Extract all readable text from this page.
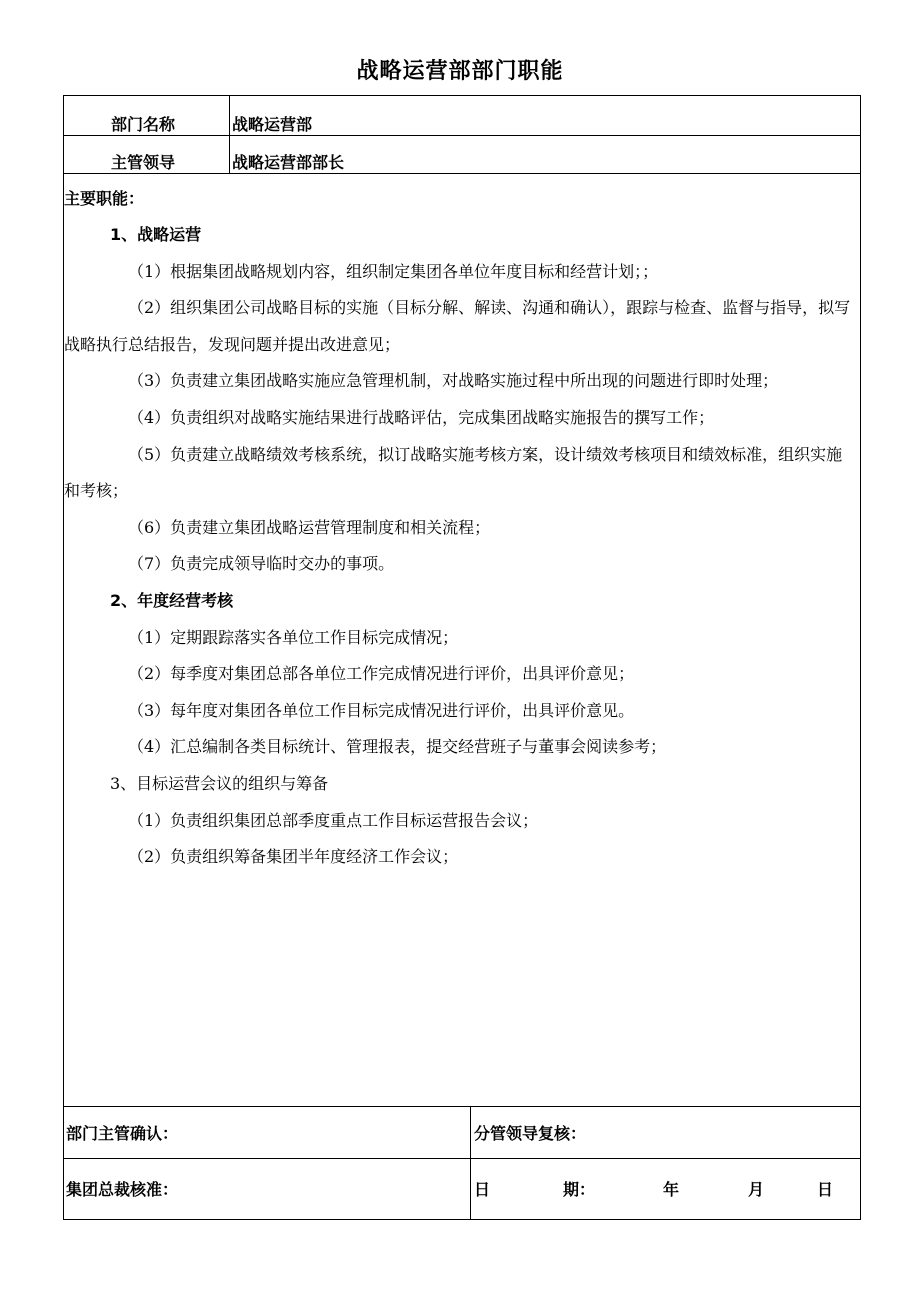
战略运营部部门职能
部门名称	战略运营部
主管领导	战略运营部部长

主要职能：

1、战略运营

（1）根据集团战略规划内容，组织制定集团各单位年度目标和经营计划；；

（2）组织集团公司战略目标的实施（目标分解、解读、沟通和确认），跟踪与检查、监督与指导，拟写战略执行总结报告，发现问题并提出改进意见；

（3）负责建立集团战略实施应急管理机制，对战略实施过程中所出现的问题进行即时处理；

（4）负责组织对战略实施结果进行战略评估，完成集团战略实施报告的撰写工作；

（5）负责建立战略绩效考核系统，拟订战略实施考核方案，设计绩效考核项目和绩效标准，组织实施和考核；

（6）负责建立集团战略运营管理制度和相关流程；

（7）负责完成领导临时交办的事项。

2、年度经营考核

（1）定期跟踪落实各单位工作目标完成情况；

（2）每季度对集团总部各单位工作完成情况进行评价，出具评价意见；

（3）每年度对集团各单位工作目标完成情况进行评价，出具评价意见。

（4）汇总编制各类目标统计、管理报表，提交经营班子与董事会阅读参考；

3、目标运营会议的组织与筹备

（1）负责组织集团总部季度重点工作目标运营报告会议；

（2）负责组织筹备集团半年度经济工作会议；

部门主管确认：	分管领导复核：
集团总裁核准：	日	期：	年	月	日
